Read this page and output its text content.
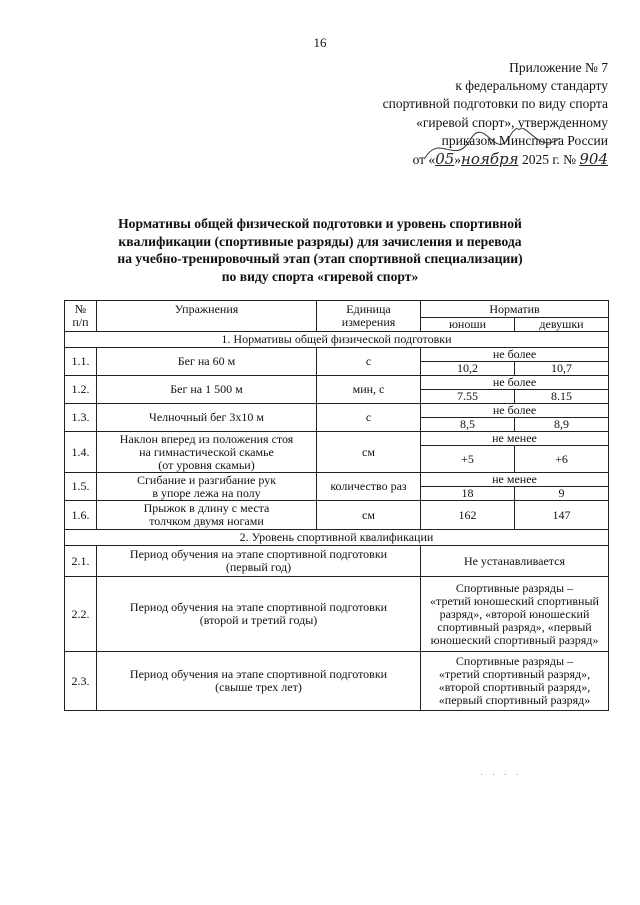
16
Приложение № 7
к федеральному стандарту
спортивной подготовки по виду спорта
«гиревой спорт», утвержденному
приказом Минспорта России
от «05»ноября 2025 г. № 904
Нормативы общей физической подготовки и уровень спортивной
квалификации (спортивные разряды) для зачисления и перевода
на учебно-тренировочный этап (этап спортивной специализации)
по виду спорта «гиревой спорт»
№
п/п	Упражнения	Единица
измерения	Норматив	
			юноши	девушки
1. Нормативы общей физической подготовки				
1.1.	Бег на 60 м	с	не более	
			10,2	10,7
1.2.	Бег на 1 500 м	мин, с	не более	
			7.55	8.15
1.3.	Челночный бег 3х10 м	с	не более	
			8,5	8,9
1.4.	Наклон вперед из положения стоя
на гимнастической скамье
(от уровня скамьи)	см	не менее	
			+5	+6
1.5.	Сгибание и разгибание рук
в упоре лежа на полу	количество раз	не менее	
			18	9
1.6.	Прыжок в длину с места
толчком двумя ногами	см	162	147
2. Уровень спортивной квалификации				
2.1.	Период обучения на этапе спортивной подготовки
(первый год)		Не устанавливается	
2.2.	Период обучения на этапе спортивной подготовки
(второй и третий годы)		Спортивные разряды –
«третий юношеский спортивный
разряд», «второй юношеский
спортивный разряд», «первый юношеский спортивный разряд»	
2.3.	Период обучения на этапе спортивной подготовки
(свыше трех лет)		Спортивные разряды –
«третий спортивный разряд»,
«второй спортивный разряд»,
«первый спортивный разряд»	
· · · ·
